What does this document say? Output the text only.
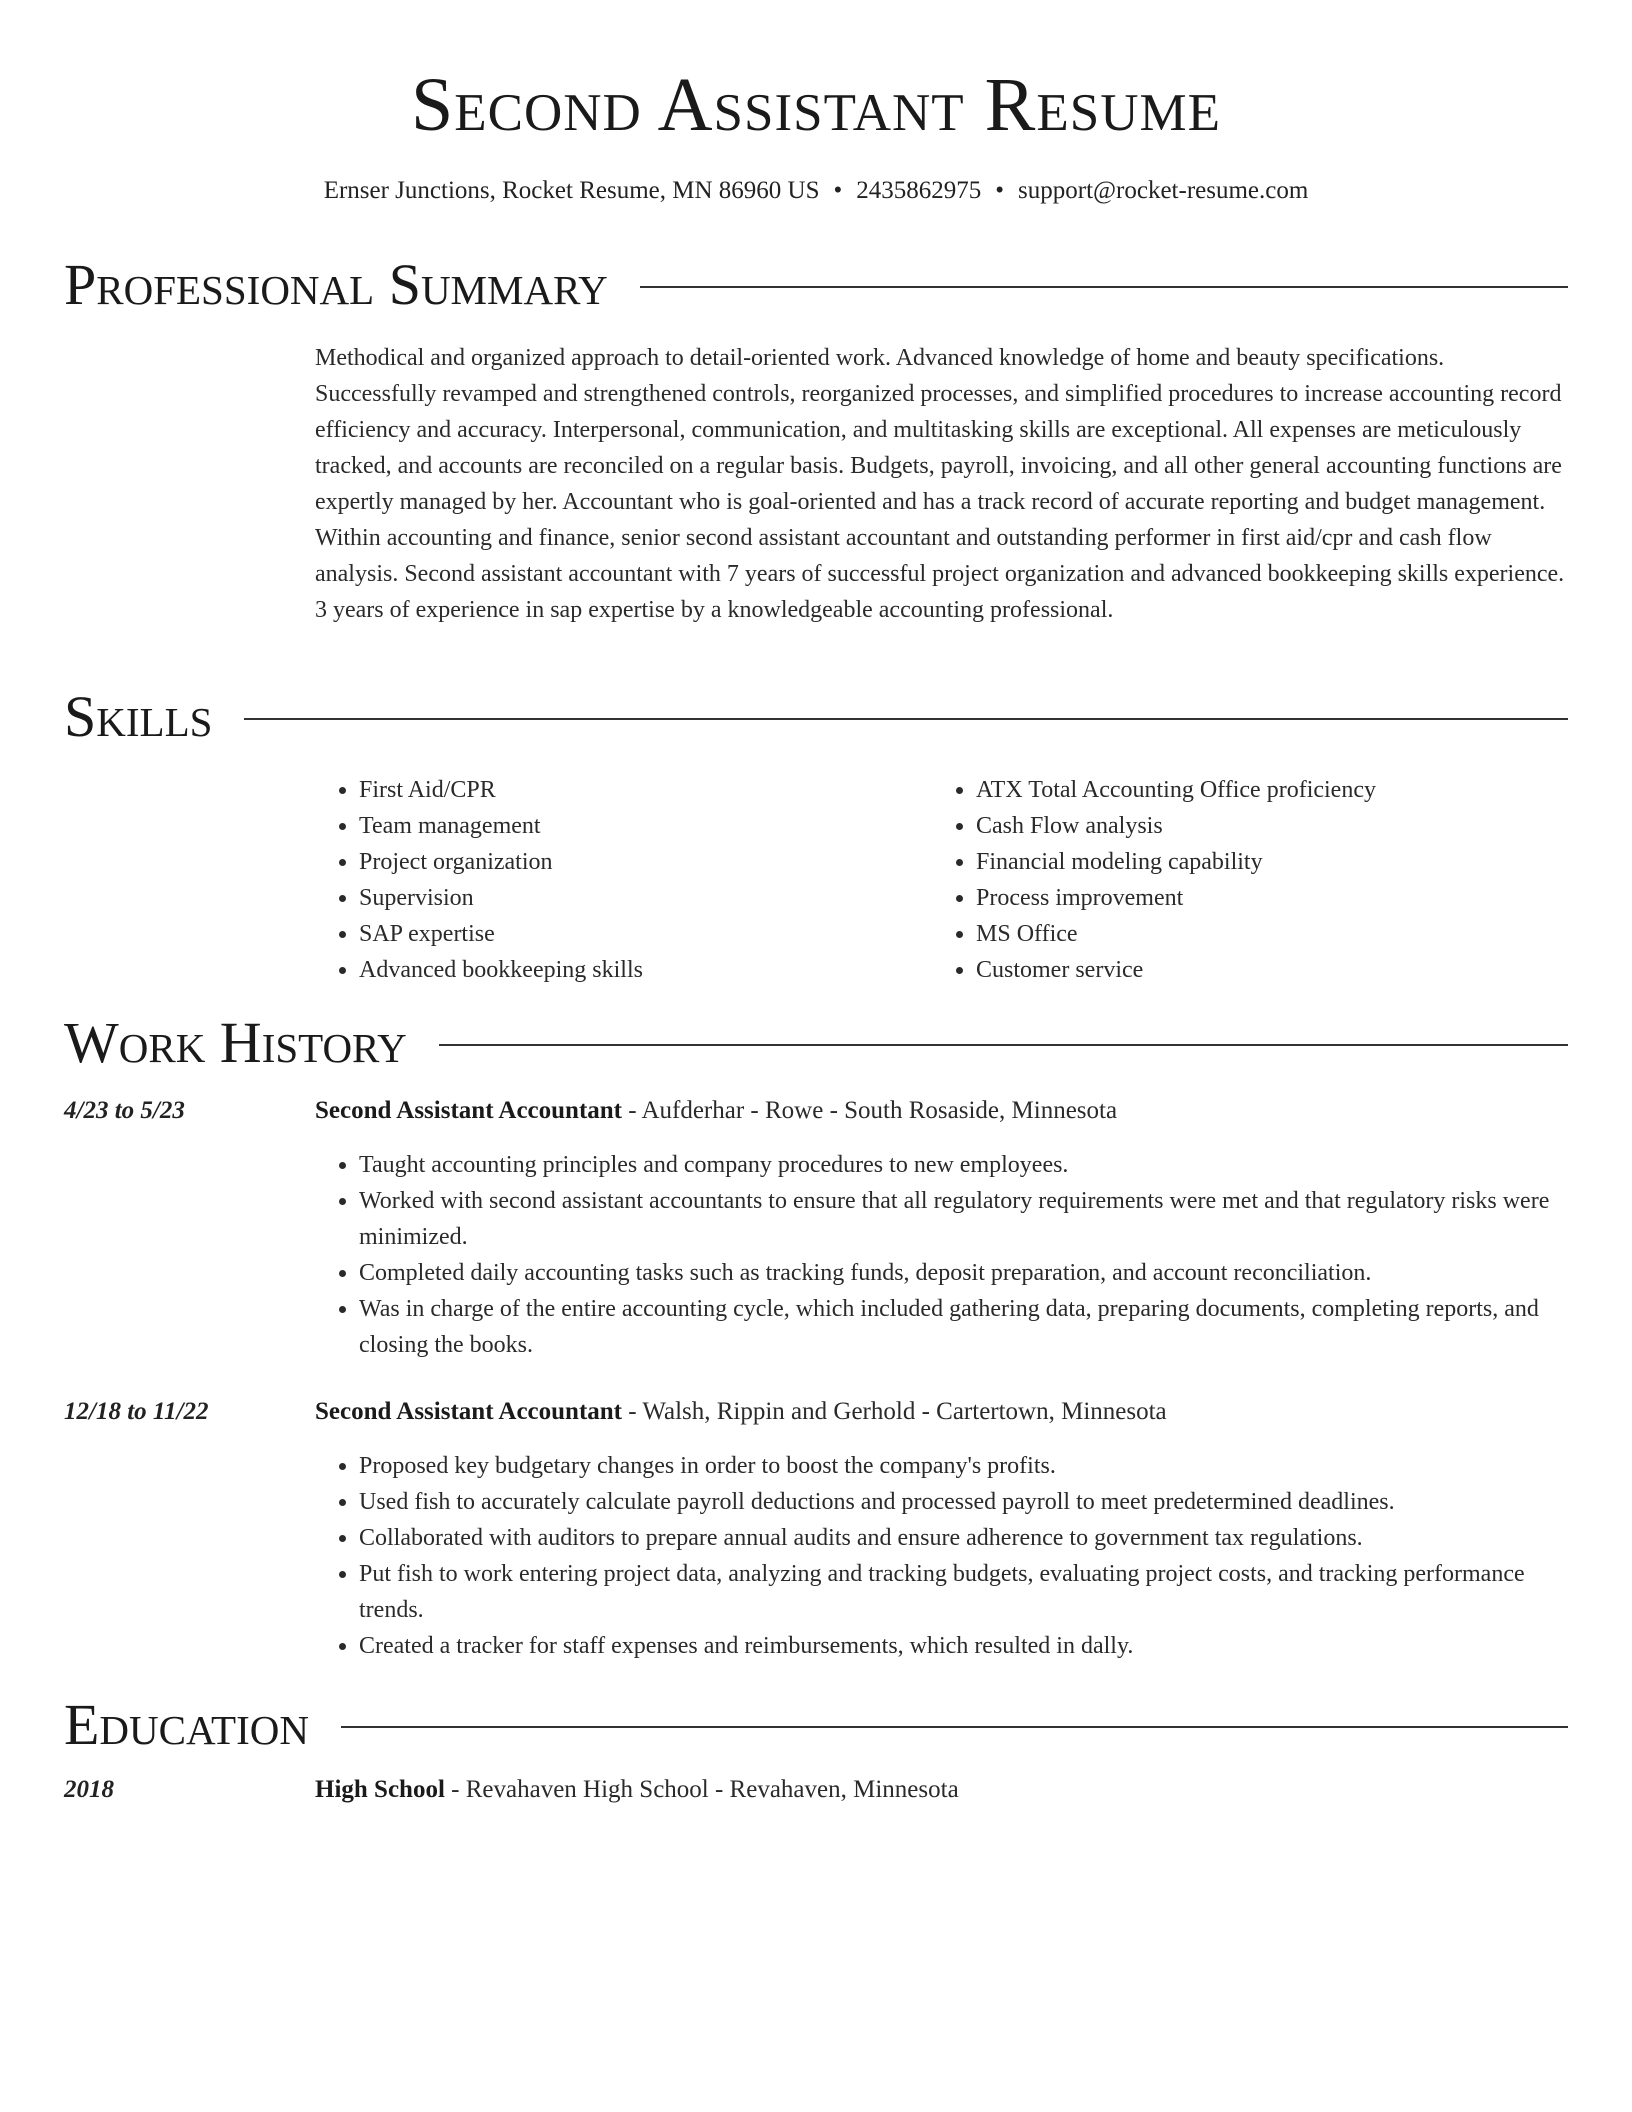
Second Assistant Resume
Ernser Junctions, Rocket Resume, MN 86960 US • 2435862975 • support@rocket-resume.com
Professional Summary
Methodical and organized approach to detail-oriented work. Advanced knowledge of home and beauty specifications. Successfully revamped and strengthened controls, reorganized processes, and simplified procedures to increase accounting record efficiency and accuracy. Interpersonal, communication, and multitasking skills are exceptional. All expenses are meticulously tracked, and accounts are reconciled on a regular basis. Budgets, payroll, invoicing, and all other general accounting functions are expertly managed by her. Accountant who is goal-oriented and has a track record of accurate reporting and budget management. Within accounting and finance, senior second assistant accountant and outstanding performer in first aid/cpr and cash flow analysis. Second assistant accountant with 7 years of successful project organization and advanced bookkeeping skills experience. 3 years of experience in sap expertise by a knowledgeable accounting professional.
Skills
• First Aid/CPR
• Team management
• Project organization
• Supervision
• SAP expertise
• Advanced bookkeeping skills
• ATX Total Accounting Office proficiency
• Cash Flow analysis
• Financial modeling capability
• Process improvement
• MS Office
• Customer service
Work History
4/23 to 5/23	Second Assistant Accountant - Aufderhar - Rowe - South Rosaside, Minnesota
• Taught accounting principles and company procedures to new employees.
• Worked with second assistant accountants to ensure that all regulatory requirements were met and that regulatory risks were minimized.
• Completed daily accounting tasks such as tracking funds, deposit preparation, and account reconciliation.
• Was in charge of the entire accounting cycle, which included gathering data, preparing documents, completing reports, and closing the books.
12/18 to 11/22	Second Assistant Accountant - Walsh, Rippin and Gerhold - Cartertown, Minnesota
• Proposed key budgetary changes in order to boost the company's profits.
• Used fish to accurately calculate payroll deductions and processed payroll to meet predetermined deadlines.
• Collaborated with auditors to prepare annual audits and ensure adherence to government tax regulations.
• Put fish to work entering project data, analyzing and tracking budgets, evaluating project costs, and tracking performance trends.
• Created a tracker for staff expenses and reimbursements, which resulted in dally.
Education
2018	High School - Revahaven High School - Revahaven, Minnesota
